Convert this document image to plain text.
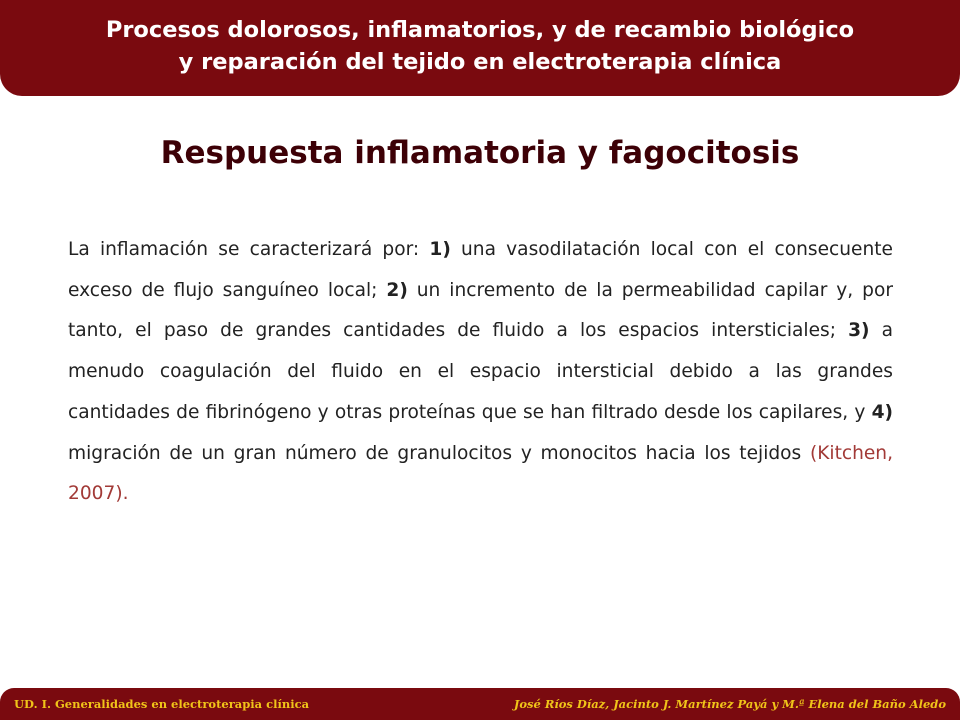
Procesos dolorosos, inflamatorios, y de recambio biológico
y reparación del tejido en electroterapia clínica
Respuesta inflamatoria y fagocitosis
La inflamación se caracterizará por: 1) una vasodilatación local con el consecuente exceso de flujo sanguíneo local; 2) un incremento de la permeabilidad capilar y, por tanto, el paso de grandes cantidades de fluido a los espacios intersticiales; 3) a menudo coagulación del fluido en el espacio intersticial debido a las grandes cantidades de fibrinógeno y otras proteínas que se han filtrado desde los capilares, y 4) migración de un gran número de granulocitos y monocitos hacia los tejidos (Kitchen, 2007).
UD. I. Generalidades en electroterapia clínica	José Ríos Díaz, Jacinto J. Martínez Payá y M.ª Elena del Baño Aledo
